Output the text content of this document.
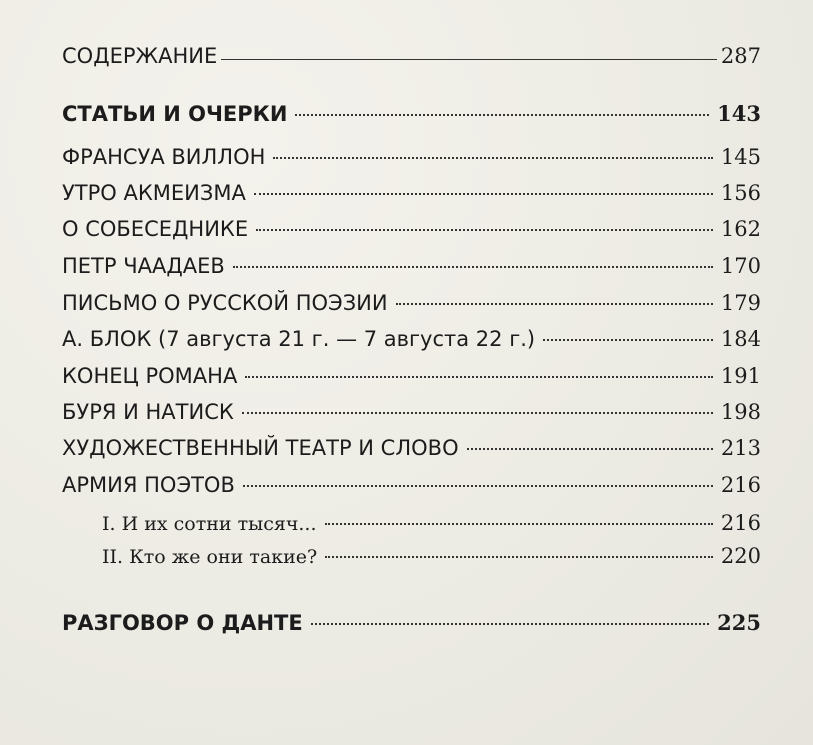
СОДЕРЖАНИЕ	287
СТАТЬИ И ОЧЕРКИ	143
ФРАНСУА ВИЛЛОН	145
УТРО АКМЕИЗМА	156
О СОБЕСЕДНИКЕ	162
ПЕТР ЧААДАЕВ	170
ПИСЬМО О РУССКОЙ ПОЭЗИИ	179
А. БЛОК (7 августа 21 г. — 7 августа 22 г.)	184
КОНЕЦ РОМАНА	191
БУРЯ И НАТИСК	198
ХУДОЖЕСТВЕННЫЙ ТЕАТР И СЛОВО	213
АРМИЯ ПОЭТОВ	216
I. И их сотни тысяч...	216
II. Кто же они такие?	220
РАЗГОВОР О ДАНТЕ	225
